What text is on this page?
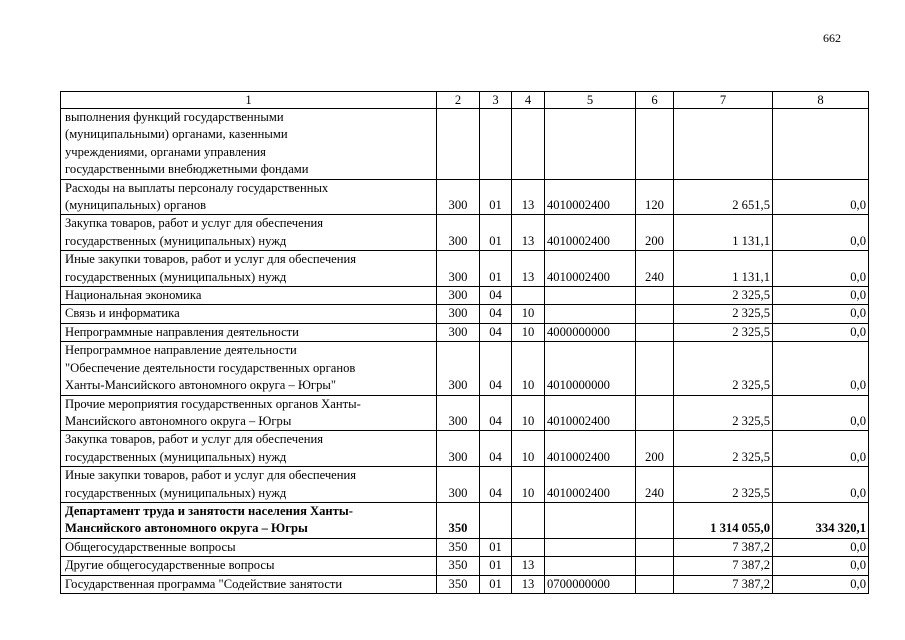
662
1	2	3	4	5	6	7	8
выполнения функций государственными
(муниципальными) органами, казенными
учреждениями, органами управления
государственными внебюджетными фондами							
Расходы на выплаты персоналу государственных
(муниципальных) органов	300	01	13	4010002400	120	2 651,5	0,0
Закупка товаров, работ и услуг для обеспечения
государственных (муниципальных) нужд	300	01	13	4010002400	200	1 131,1	0,0
Иные закупки товаров, работ и услуг для обеспечения
государственных (муниципальных) нужд	300	01	13	4010002400	240	1 131,1	0,0
Национальная экономика	300	04				2 325,5	0,0
Связь и информатика	300	04	10			2 325,5	0,0
Непрограммные направления деятельности	300	04	10	4000000000		2 325,5	0,0
Непрограммное направление деятельности
"Обеспечение деятельности государственных органов
Ханты-Мансийского автономного округа – Югры"	300	04	10	4010000000		2 325,5	0,0
Прочие мероприятия государственных органов Ханты-
Мансийского автономного округа – Югры	300	04	10	4010002400		2 325,5	0,0
Закупка товаров, работ и услуг для обеспечения
государственных (муниципальных) нужд	300	04	10	4010002400	200	2 325,5	0,0
Иные закупки товаров, работ и услуг для обеспечения
государственных (муниципальных) нужд	300	04	10	4010002400	240	2 325,5	0,0
Департамент труда и занятости населения Ханты-
Мансийского автономного округа – Югры	350					1 314 055,0	334 320,1
Общегосударственные вопросы	350	01				7 387,2	0,0
Другие общегосударственные вопросы	350	01	13			7 387,2	0,0
Государственная программа "Содействие занятости	350	01	13	0700000000		7 387,2	0,0
